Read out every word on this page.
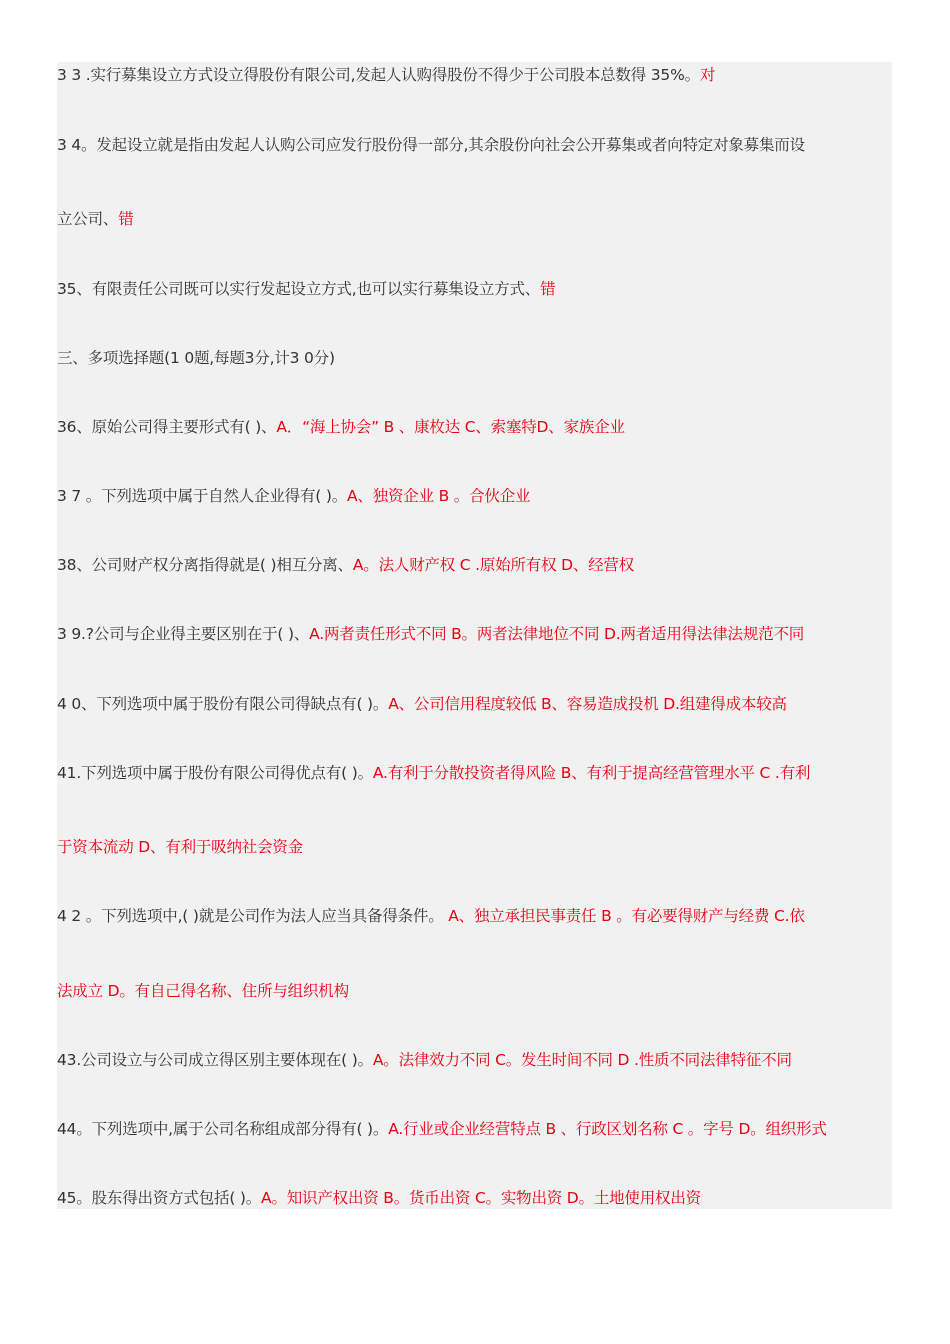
3 3 .实行募集设立方式设立得股份有限公司,发起人认购得股份不得少于公司股本总数得 35%。对
3 4。发起设立就是指由发起人认购公司应发行股份得一部分,其余股份向社会公开募集或者向特定对象募集而设
立公司、错
35、有限责任公司既可以实行发起设立方式,也可以实行募集设立方式、错
三、多项选择题(1 0题,每题3分,计3 0分)
36、原始公司得主要形式有( )、A．“海上协会” B 、康枚达 C、索塞特D、家族企业
3 7 。下列选项中属于自然人企业得有( )。A、独资企业 B 。合伙企业
38、公司财产权分离指得就是( )相互分离、A。法人财产权 C .原始所有权 D、经营权
3 9.?公司与企业得主要区别在于( )、A.两者责任形式不同 B。两者法律地位不同 D.两者适用得法律法规范不同
4 0、下列选项中属于股份有限公司得缺点有( )。A、公司信用程度较低 B、容易造成投机 D.组建得成本较高
41.下列选项中属于股份有限公司得优点有( )。A.有利于分散投资者得风险 B、有利于提高经营管理水平 C .有利
于资本流动 D、有利于吸纳社会资金
4 2 。下列选项中,( )就是公司作为法人应当具备得条件。 A、独立承担民事责任 B 。有必要得财产与经费 C.依
法成立 D。有自己得名称、住所与组织机构
43.公司设立与公司成立得区别主要体现在( )。A。法律效力不同 C。发生时间不同 D .性质不同法律特征不同
44。下列选项中,属于公司名称组成部分得有( )。A.行业或企业经营特点 B 、行政区划名称 C 。字号 D。组织形式
45。股东得出资方式包括( )。A。知识产权出资 B。货币出资 C。实物出资 D。土地使用权出资
